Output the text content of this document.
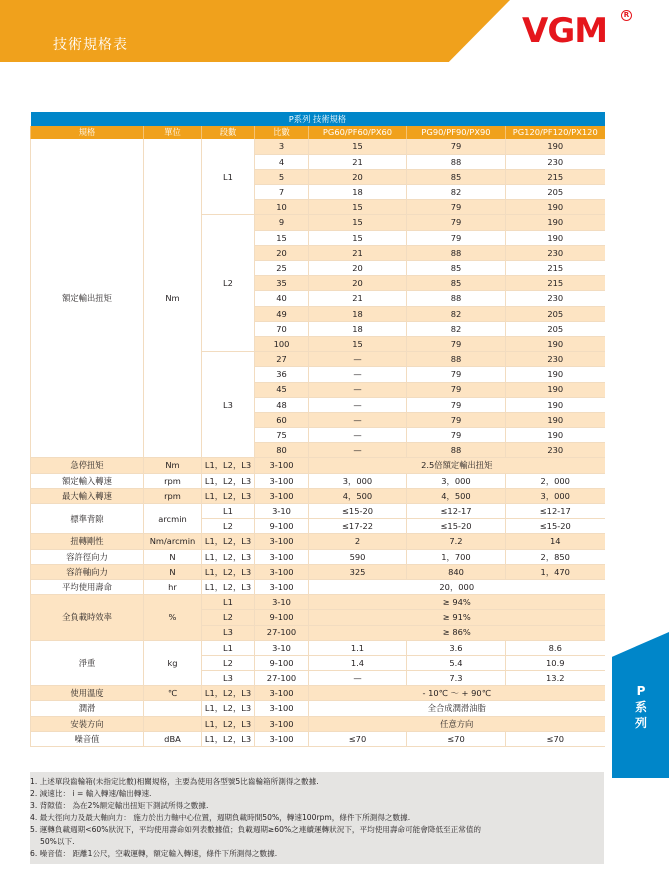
技術規格表	VGM	R
P系列 技術規格						
規格	單位	段數	比數	PG60/PF60/PX60	PG90/PF90/PX90	PG120/PF120/PX120
額定輸出扭矩	Nm	L1	3	15	79	190
			4	21	88	230
			5	20	85	215
			7	18	82	205
			10	15	79	190
		L2	9	15	79	190
			15	15	79	190
			20	21	88	230
			25	20	85	215
			35	20	85	215
			40	21	88	230
			49	18	82	205
			70	18	82	205
			100	15	79	190
		L3	27	—	88	230
			36	—	79	190
			45	—	79	190
			48	—	79	190
			60	—	79	190
			75	—	79	190
			80	—	88	230
急停扭矩	Nm	L1，L2，L3	3-100	2.5倍額定輸出扭矩		
額定輸入轉速	rpm	L1，L2，L3	3-100	3，000	3，000	2，000
最大輸入轉速	rpm	L1，L2，L3	3-100	4，500	4，500	3，000
標準背隙	arcmin	L1	3-10	≤15-20	≤12-17	≤12-17
		L2	9-100	≤17-22	≤15-20	≤15-20
扭轉剛性	Nm/arcmin	L1，L2，L3	3-100	2	7.2	14
容許徑向力	N	L1，L2，L3	3-100	590	1，700	2，850
容許軸向力	N	L1，L2，L3	3-100	325	840	1，470
平均使用壽命	hr	L1，L2，L3	3-100	20，000		
全負載時效率	%	L1	3-10	≥ 94%		
		L2	9-100	≥ 91%		
		L3	27-100	≥ 86%		
淨重	kg	L1	3-10	1.1	3.6	8.6
		L2	9-100	1.4	5.4	10.9
		L3	27-100	—	7.3	13.2
使用溫度	℃	L1，L2，L3	3-100	- 10℃ ～ + 90℃		
潤滑		L1，L2，L3	3-100	全合成潤滑油脂		
安裝方向		L1，L2，L3	3-100	任意方向		
噪音值	dBA	L1，L2，L3	3-100	≤70	≤70	≤70
1. 上述單段齒輪箱(未指定比數)相關規格，主要為使用各型號5比齒輪箱所測得之數據.
2. 減速比： i = 輸入轉速/輸出轉速.
3. 背隙值： 為在2%額定輸出扭矩下測試所得之數據.
4. 最大徑向力及最大軸向力： 施力於出力軸中心位置，週期負載時間50%，轉速100rpm，條件下所測得之數據.
5. 運轉負載週期<60%狀況下，平均使用壽命如列表數據值；負載週期≥60%之連續運轉狀況下，平均使用壽命可能會降低至正常值的
50%以下.
6. 噪音值： 距離1公尺，空載運轉，額定輸入轉速，條件下所測得之數據.
P
系
列
